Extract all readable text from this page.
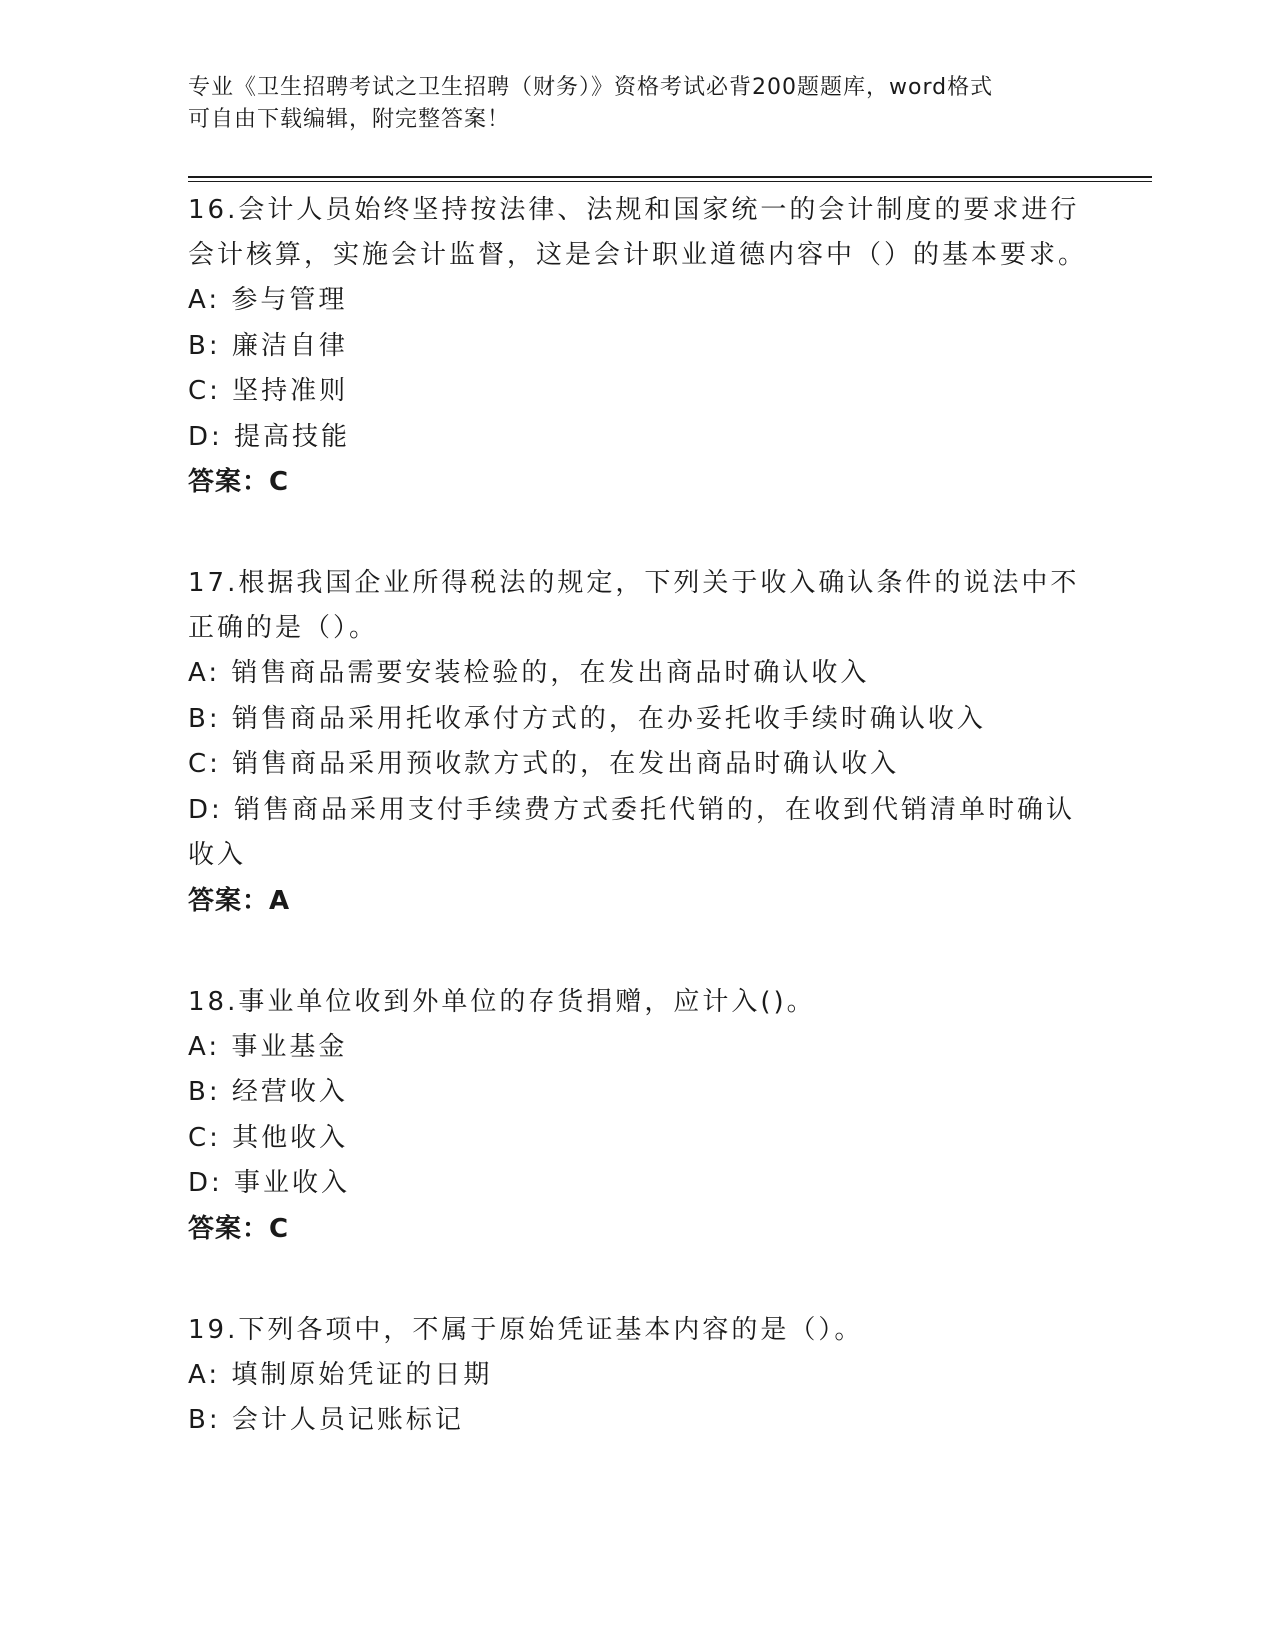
专业《卫生招聘考试之卫生招聘（财务）》资格考试必背200题题库，word格式
可自由下载编辑，附完整答案！
16.会计人员始终坚持按法律、法规和国家统一的会计制度的要求进行会计核算，实施会计监督，这是会计职业道德内容中（）的基本要求。
A: 参与管理
B: 廉洁自律
C: 坚持准则
D: 提高技能
答案：C
17.根据我国企业所得税法的规定，下列关于收入确认条件的说法中不正确的是（）。
A: 销售商品需要安装检验的，在发出商品时确认收入
B: 销售商品采用托收承付方式的，在办妥托收手续时确认收入
C: 销售商品采用预收款方式的，在发出商品时确认收入
D: 销售商品采用支付手续费方式委托代销的，在收到代销清单时确认收入
答案：A
18.事业单位收到外单位的存货捐赠，应计入()。
A: 事业基金
B: 经营收入
C: 其他收入
D: 事业收入
答案：C
19.下列各项中，不属于原始凭证基本内容的是（）。
A: 填制原始凭证的日期
B: 会计人员记账标记
